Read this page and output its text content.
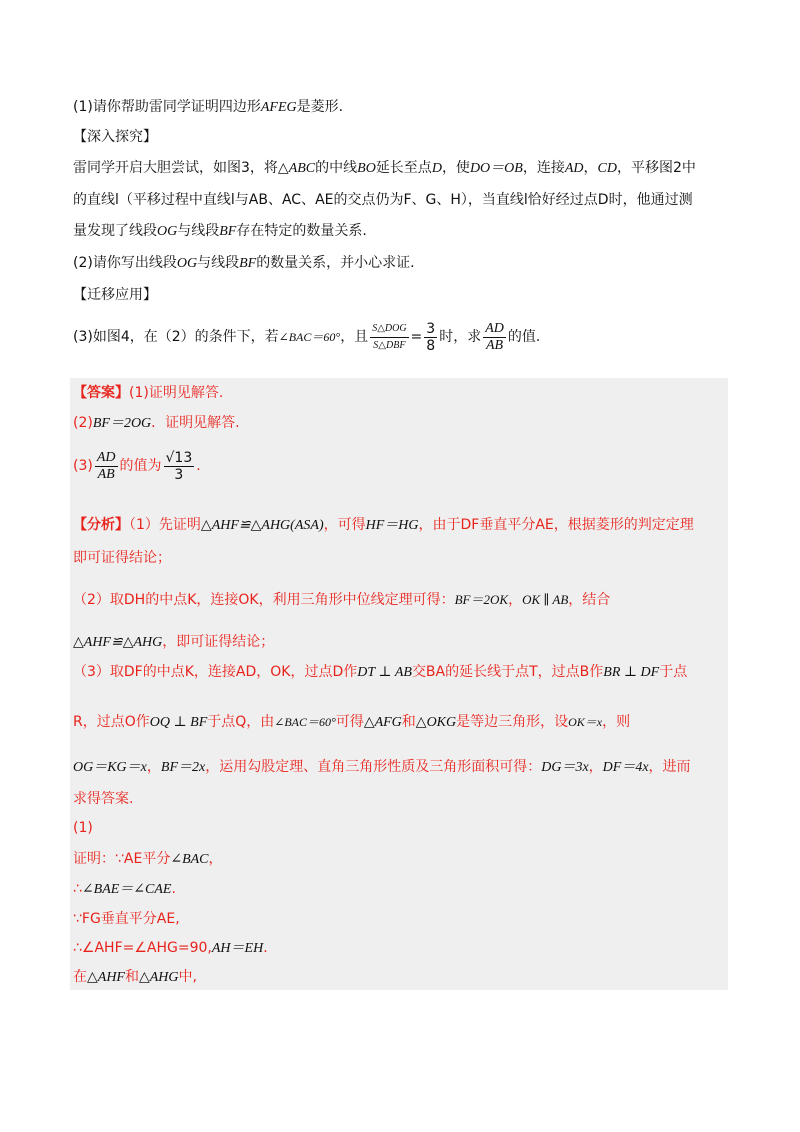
(1)请你帮助雷同学证明四边形AFEG是菱形.
【深入探究】
雷同学开启大胆尝试，如图3，将△ABC的中线BO延长至点D，使DO＝OB，连接AD，CD，平移图2中
的直线l（平移过程中直线l与AB、AC、AE的交点仍为F、G、H），当直线l恰好经过点D时，他通过测
量发现了线段OG与线段BF存在特定的数量关系.
(2)请你写出线段OG与线段BF的数量关系，并小心求证.
【迁移应用】
(3)如图4，在（2）的条件下，若∠BAC＝60°，且 $\frac{\text{S△DOG}}{\text{S△DBF}} = \frac{3}{8}$ 时，求 $\frac{AD}{AB}$ 的值.
【答案】(1)证明见解答.
(2)BF＝2OG．证明见解答.
$(3) \frac{AD}{AB}$ 的值为 $\frac{√13}{3}$ .
【分析】（1）先证明△AHF≌△AHG(ASA)，可得HF＝HG，由于DF垂直平分AE，根据菱形的判定定理
即可证得结论；
（2）取DH的中点K，连接OK，利用三角形中位线定理可得：BF＝2OK，OK ∥ AB，结合
△AHF≌△AHG，即可证得结论；
（3）取DF的中点K，连接AD，OK，过点D作DT ⊥ AB交BA的延长线于点T，过点B作BR ⊥ DF于点
R，过点O作OQ ⊥ BF于点Q，由∠BAC＝60°可得△AFG和△OKG是等边三角形，设OK＝x，则
OG＝KG＝x，BF＝2x，运用勾股定理、直角三角形性质及三角形面积可得：DG＝3x，DF＝4x，进而
求得答案.
(1)
证明：∵AE平分∠BAC，
∴∠BAE＝∠CAE.
∵FG垂直平分AE,
∴∠AHF=∠AHG=90,AH＝EH.
在△AHF和△AHG中,
